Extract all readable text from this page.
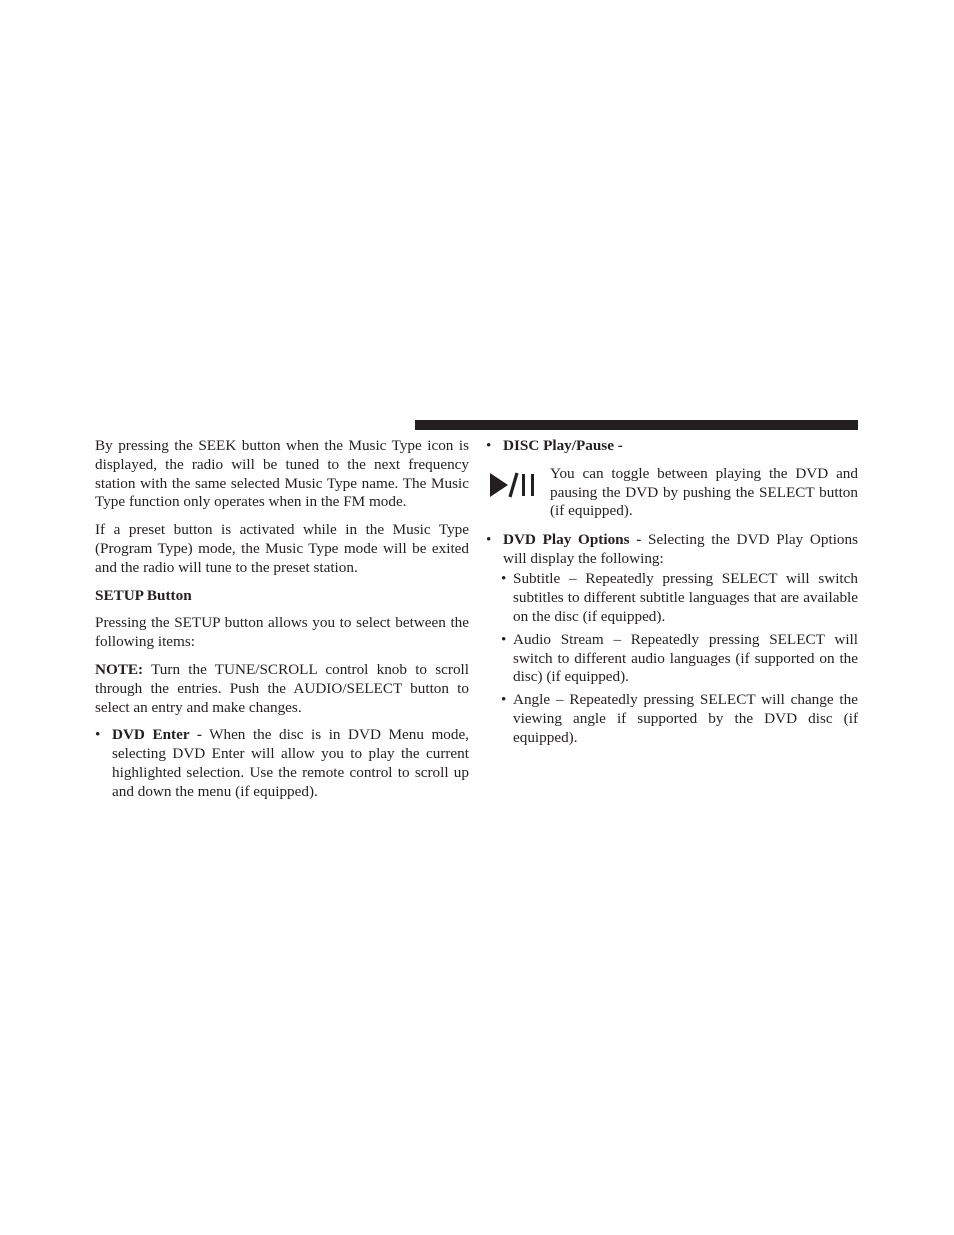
By pressing the SEEK button when the Music Type icon is displayed, the radio will be tuned to the next frequency station with the same selected Music Type name. The Music Type function only operates when in the FM mode.

If a preset button is activated while in the Music Type (Program Type) mode, the Music Type mode will be exited and the radio will tune to the preset station.

SETUP Button

Pressing the SETUP button allows you to select between the following items:

NOTE: Turn the TUNE/SCROLL control knob to scroll through the entries. Push the AUDIO/SELECT button to select an entry and make changes.

• DVD Enter - When the disc is in DVD Menu mode, selecting DVD Enter will allow you to play the current highlighted selection. Use the remote control to scroll up and down the menu (if equipped).
• DISC Play/Pause -

You can toggle between playing the DVD and pausing the DVD by pushing the SELECT button (if equipped).

• DVD Play Options - Selecting the DVD Play Options will display the following:
• Subtitle – Repeatedly pressing SELECT will switch subtitles to different subtitle languages that are available on the disc (if equipped).
• Audio Stream – Repeatedly pressing SELECT will switch to different audio languages (if supported on the disc) (if equipped).
• Angle – Repeatedly pressing SELECT will change the viewing angle if supported by the DVD disc (if equipped).
